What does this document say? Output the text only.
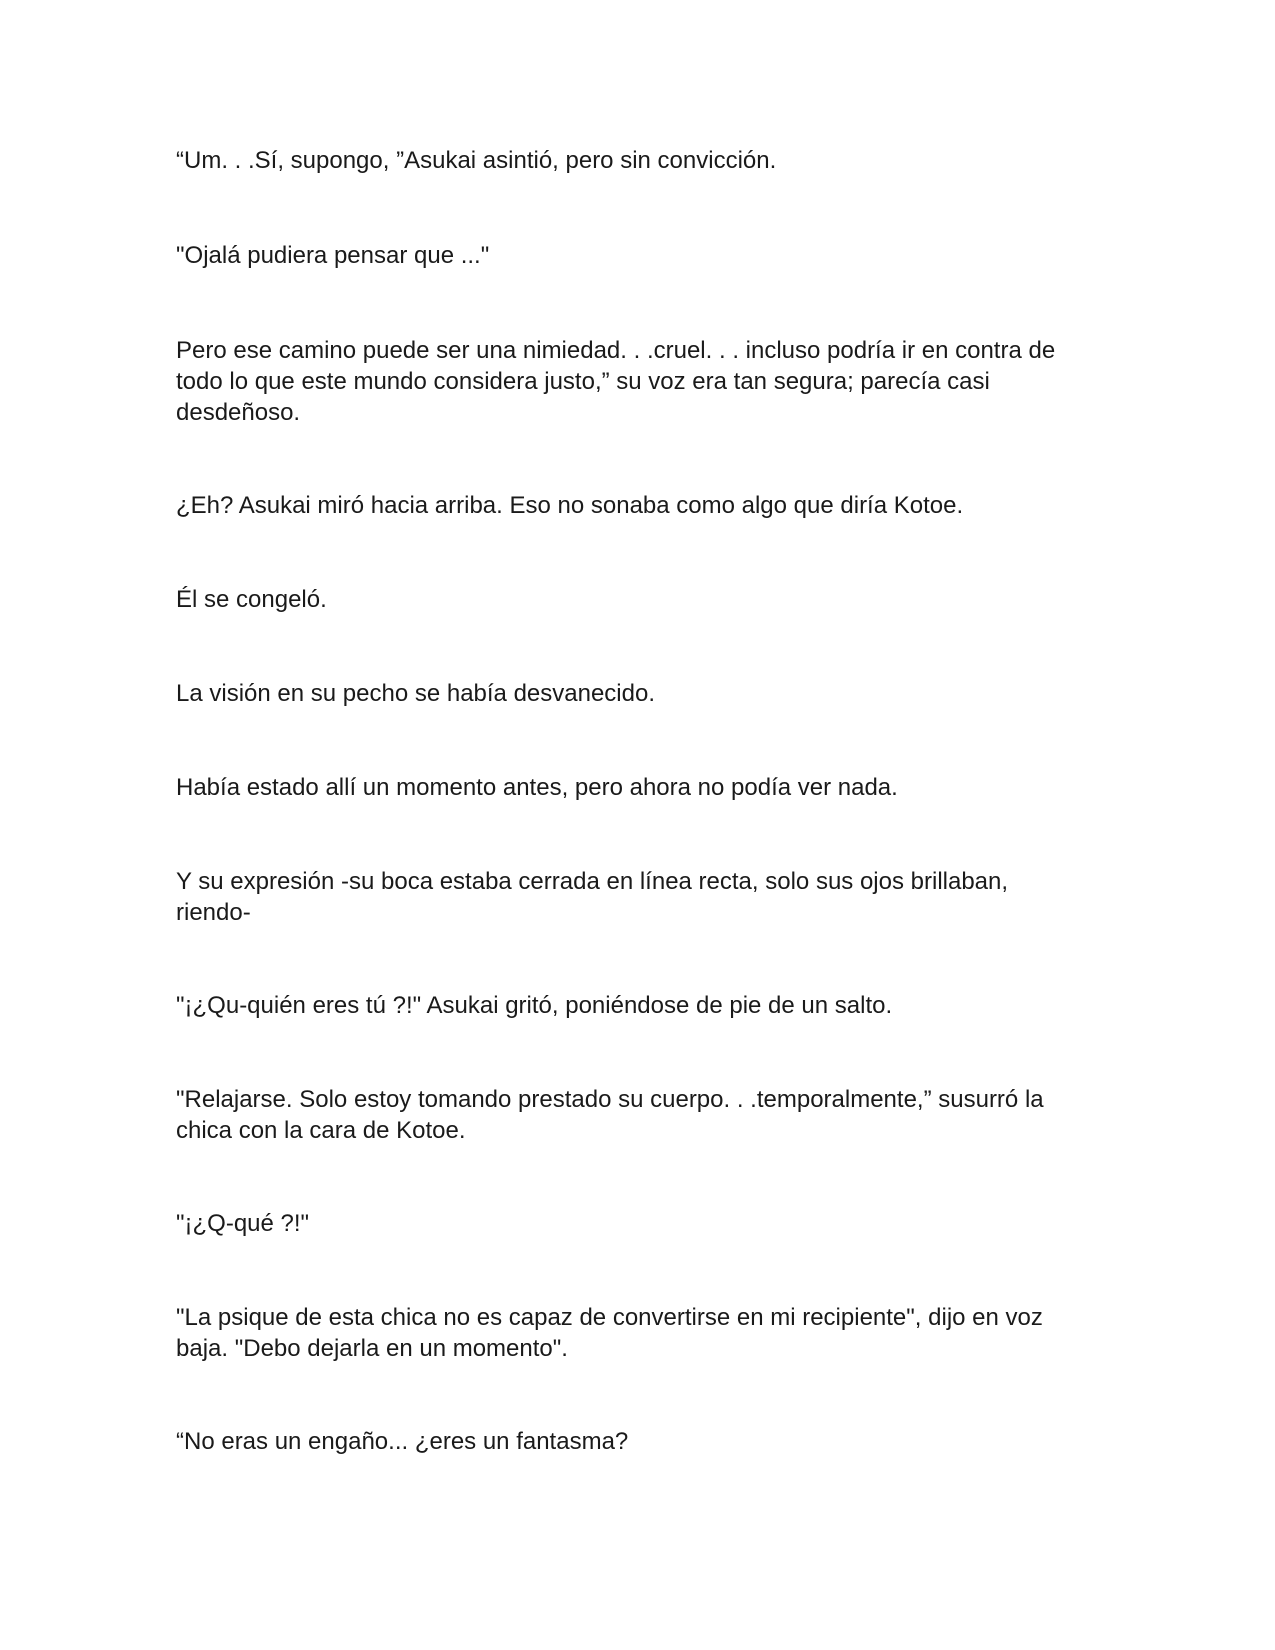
“Um. . .Sí, supongo, ”Asukai asintió, pero sin convicción.

"Ojalá pudiera pensar que ..."

Pero ese camino puede ser una nimiedad. . .cruel. . . incluso podría ir en contra de
todo lo que este mundo considera justo,” su voz era tan segura; parecía casi
desdeñoso.

¿Eh? Asukai miró hacia arriba. Eso no sonaba como algo que diría Kotoe.

Él se congeló.

La visión en su pecho se había desvanecido.

Había estado allí un momento antes, pero ahora no podía ver nada.

Y su expresión -su boca estaba cerrada en línea recta, solo sus ojos brillaban,
riendo-

"¡¿Qu-quién eres tú ?!" Asukai gritó, poniéndose de pie de un salto.

"Relajarse. Solo estoy tomando prestado su cuerpo. . .temporalmente,” susurró la
chica con la cara de Kotoe.

"¡¿Q-qué ?!"

"La psique de esta chica no es capaz de convertirse en mi recipiente", dijo en voz
baja. "Debo dejarla en un momento".

“No eras un engaño... ¿eres un fantasma?
